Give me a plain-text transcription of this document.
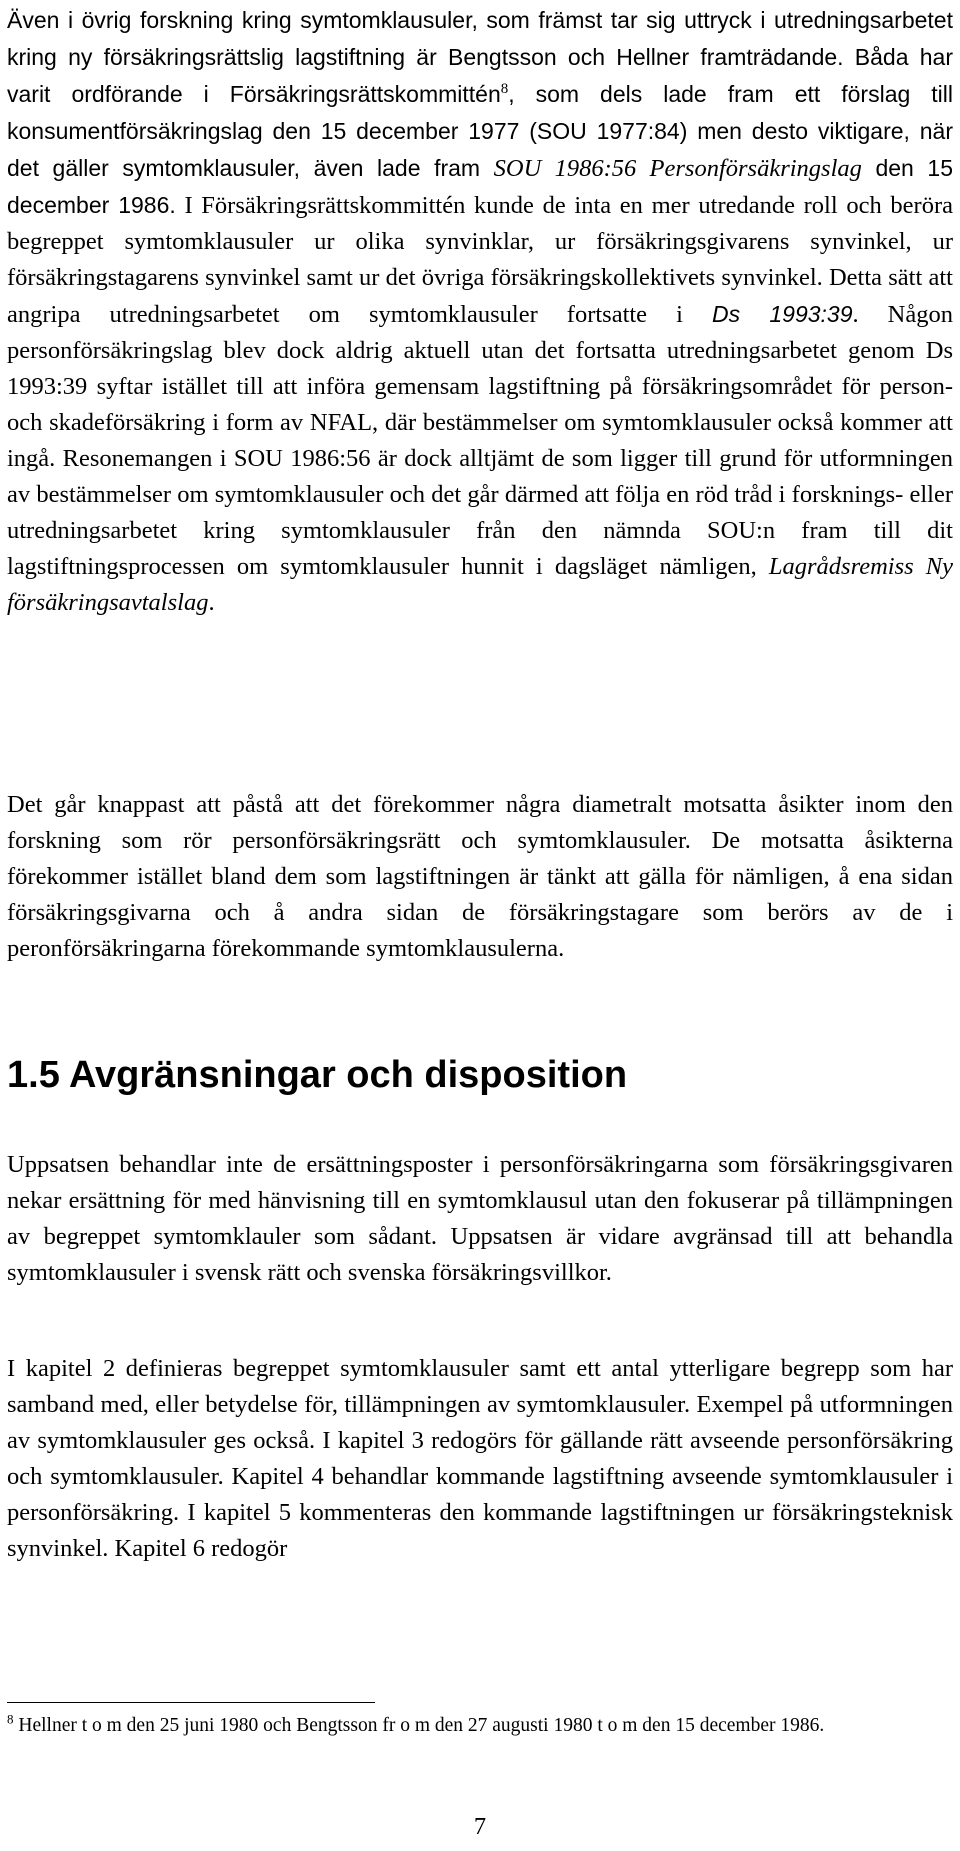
Även i övrig forskning kring symtomklausuler, som främst tar sig uttryck i utredningsarbetet kring ny försäkringsrättslig lagstiftning är Bengtsson och Hellner framträdande. Båda har varit ordförande i Försäkringsrättskommittén$^8$, som dels lade fram ett förslag till konsumentförsäkringslag den 15 december 1977 (SOU 1977:84) men desto viktigare, när det gäller symtomklausuler, även lade fram SOU 1986:56 Personförsäkringslag den 15 december 1986. I Försäkringsrättskommittén kunde de inta en mer utredande roll och beröra begreppet symtomklausuler ur olika synvinklar, ur försäkringsgivarens synvinkel, ur försäkringstagarens synvinkel samt ur det övriga försäkringskollektivets synvinkel. Detta sätt att angripa utredningsarbetet om symtomklausuler fortsatte i Ds 1993:39. Någon personförsäkringslag blev dock aldrig aktuell utan det fortsatta utredningsarbetet genom Ds 1993:39 syftar istället till att införa gemensam lagstiftning på försäkringsområdet för person- och skadeförsäkring i form av NFAL, där bestämmelser om symtomklausuler också kommer att ingå. Resonemangen i SOU 1986:56 är dock alltjämt de som ligger till grund för utformningen av bestämmelser om symtomklausuler och det går därmed att följa en röd tråd i forsknings- eller utredningsarbetet kring symtomklausuler från den nämnda SOU:n fram till dit lagstiftningsprocessen om symtomklausuler hunnit i dagsläget nämligen, Lagrådsremiss Ny försäkringsavtalslag.

Det går knappast att påstå att det förekommer några diametralt motsatta åsikter inom den forskning som rör personförsäkringsrätt och symtomklausuler. De motsatta åsikterna förekommer istället bland dem som lagstiftningen är tänkt att gälla för nämligen, å ena sidan försäkringsgivarna och å andra sidan de försäkringstagare som berörs av de i peronförsäkringarna förekommande symtomklausulerna.

1.5 Avgränsningar och disposition

Uppsatsen behandlar inte de ersättningsposter i personförsäkringarna som försäkringsgivaren nekar ersättning för med hänvisning till en symtomklausul utan den fokuserar på tillämpningen av begreppet symtomklauler som sådant. Uppsatsen är vidare avgränsad till att behandla symtomklausuler i svensk rätt och svenska försäkringsvillkor.

I kapitel 2 definieras begreppet symtomklausuler samt ett antal ytterligare begrepp som har samband med, eller betydelse för, tillämpningen av symtomklausuler. Exempel på utformningen av symtomklausuler ges också. I kapitel 3 redogörs för gällande rätt avseende personförsäkring och symtomklausuler. Kapitel 4 behandlar kommande lagstiftning avseende symtomklausuler i personförsäkring. I kapitel 5 kommenteras den kommande lagstiftningen ur försäkringsteknisk synvinkel. Kapitel 6 redogör

$^8$ Hellner t o m den 25 juni 1980 och Bengtsson fr o m den 27 augusti 1980 t o m den 15 december 1986.

7
